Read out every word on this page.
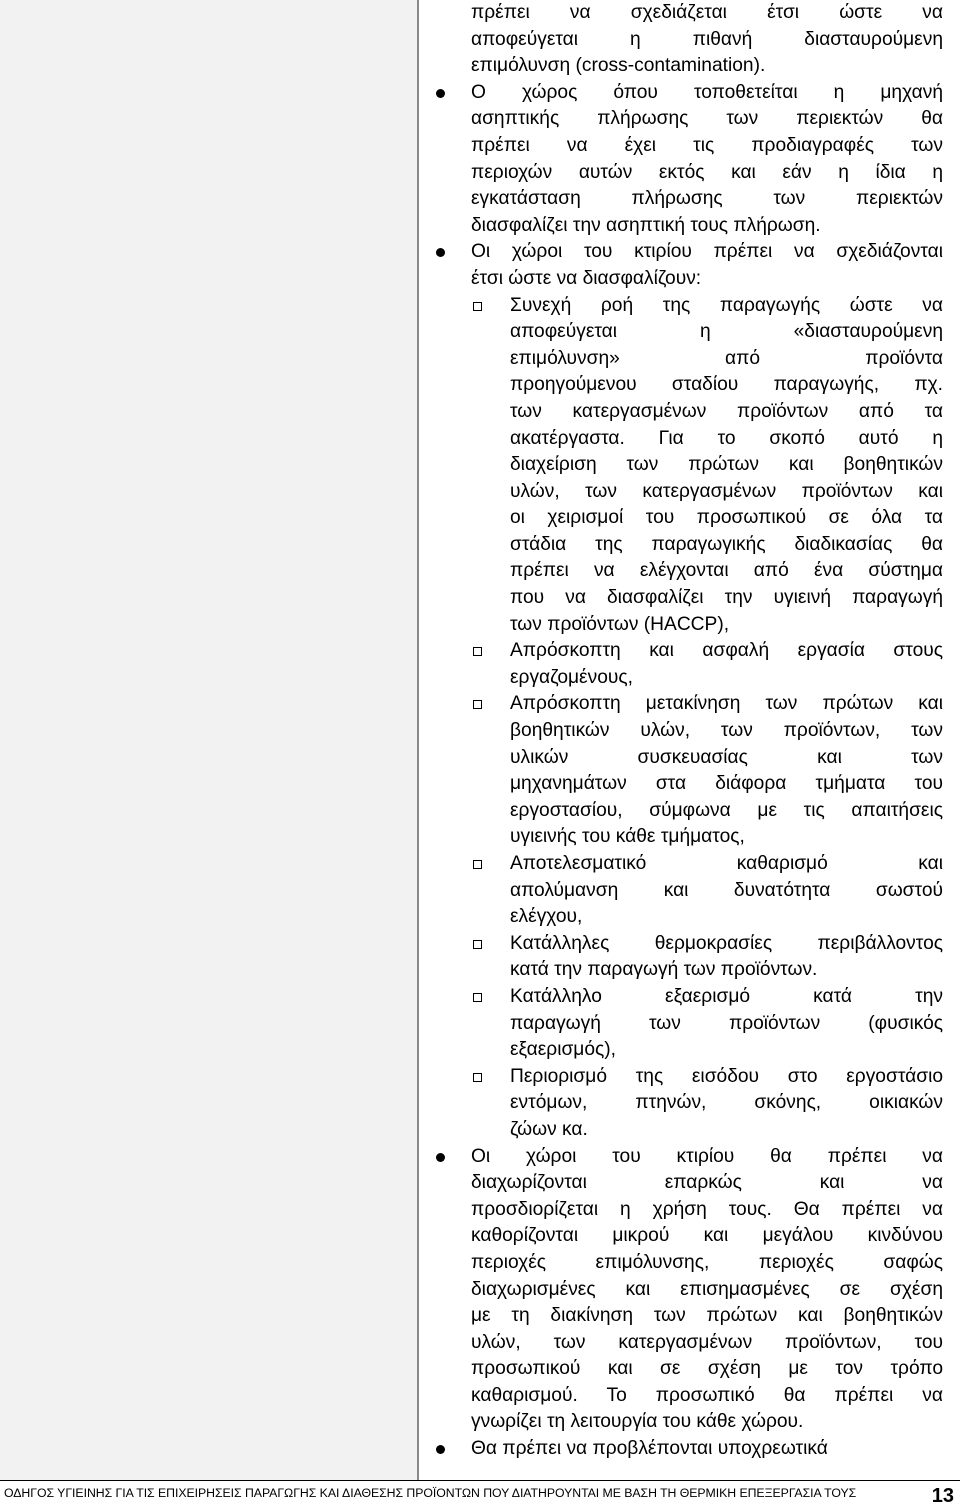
πρέπει να σχεδιάζεται έτσι ώστε να
αποφεύγεται η πιθανή διασταυρούμενη
επιμόλυνση (cross-contamination).
Ο χώρος όπου τοποθετείται η μηχανή
ασηπτικής πλήρωσης των περιεκτών θα
πρέπει να έχει τις προδιαγραφές των
περιοχών αυτών εκτός και εάν η ίδια η
εγκατάσταση πλήρωσης των περιεκτών
διασφαλίζει την ασηπτική τους πλήρωση.
Οι χώροι του κτιρίου πρέπει να σχεδιάζονται
έτσι ώστε να διασφαλίζουν:
Συνεχή ροή της παραγωγής ώστε να
αποφεύγεται η «διασταυρούμενη
επιμόλυνση» από προϊόντα
προηγούμενου σταδίου παραγωγής, πχ.
των κατεργασμένων προϊόντων από τα
ακατέργαστα. Για το σκοπό αυτό η
διαχείριση των πρώτων και βοηθητικών
υλών, των κατεργασμένων προϊόντων και
οι χειρισμοί του προσωπικού σε όλα τα
στάδια της παραγωγικής διαδικασίας θα
πρέπει να ελέγχονται από ένα σύστημα
που να διασφαλίζει την υγιεινή παραγωγή
των προϊόντων (HACCP),
Απρόσκοπτη και ασφαλή εργασία στους
εργαζομένους,
Απρόσκοπτη μετακίνηση των πρώτων και
βοηθητικών υλών, των προϊόντων, των
υλικών συσκευασίας και των
μηχανημάτων στα διάφορα τμήματα του
εργοστασίου, σύμφωνα με τις απαιτήσεις
υγιεινής του κάθε τμήματος,
Αποτελεσματικό καθαρισμό και
απολύμανση και δυνατότητα σωστού
ελέγχου,
Κατάλληλες θερμοκρασίες περιβάλλοντος
κατά την παραγωγή των προϊόντων.
Κατάλληλο εξαερισμό κατά την
παραγωγή των προϊόντων (φυσικός
εξαερισμός),
Περιορισμό της εισόδου στο εργοστάσιο
εντόμων, πτηνών, σκόνης, οικιακών
ζώων κα.
Οι χώροι του κτιρίου θα πρέπει να
διαχωρίζονται επαρκώς και να
προσδιορίζεται η χρήση τους. Θα πρέπει να
καθορίζονται μικρού και μεγάλου κινδύνου
περιοχές επιμόλυνσης, περιοχές σαφώς
διαχωρισμένες και επισημασμένες σε σχέση
με τη διακίνηση των πρώτων και βοηθητικών
υλών, των κατεργασμένων προϊόντων, του
προσωπικού και σε σχέση με τον τρόπο
καθαρισμού. Το προσωπικό θα πρέπει να
γνωρίζει τη λειτουργία του κάθε χώρου.
Θα πρέπει να προβλέπονται υποχρεωτικά
ΟΔΗΓΟΣ ΥΓΙΕΙΝΗΣ ΓΙΑ ΤΙΣ ΕΠΙΧΕΙΡΗΣΕΙΣ ΠΑΡΑΓΩΓΗΣ ΚΑΙ ΔΙΑΘΕΣΗΣ ΠΡΟΪΟΝΤΩΝ ΠΟΥ ΔΙΑΤΗΡΟΥΝΤΑΙ ΜΕ ΒΑΣΗ ΤΗ ΘΕΡΜΙΚΗ ΕΠΕΞΕΡΓΑΣΙΑ ΤΟΥΣ	13
